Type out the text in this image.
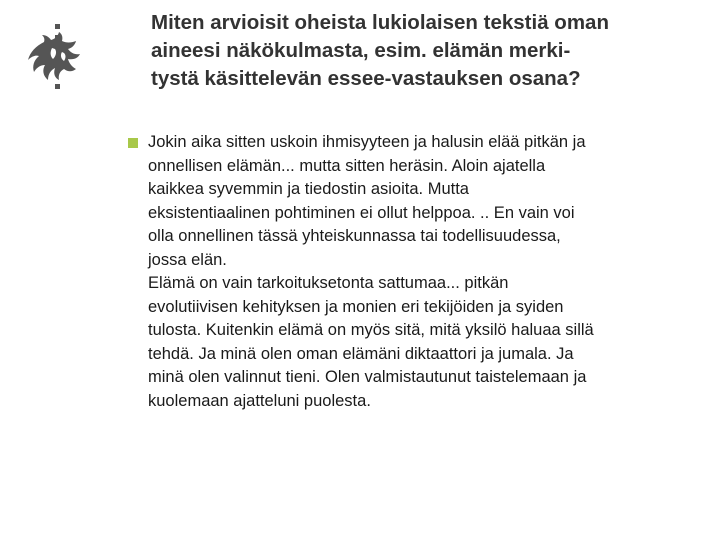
Miten arvioisit oheista lukiolaisen tekstiä oman
aineesi näkökulmasta, esim. elämän merki-
tystä käsittelevän essee-vastauksen osana?
Jokin aika sitten uskoin ihmisyyteen ja halusin elää pitkän ja
onnellisen elämän... mutta sitten heräsin. Aloin ajatella
kaikkea syvemmin ja tiedostin asioita. Mutta
eksistentiaalinen pohtiminen ei ollut helppoa. .. En vain voi
olla onnellinen tässä yhteiskunnassa tai todellisuudessa,
jossa elän.
Elämä on vain tarkoituksetonta sattumaa... pitkän
evolutiivisen kehityksen ja monien eri tekijöiden ja syiden
tulosta. Kuitenkin elämä on myös sitä, mitä yksilö haluaa sillä
tehdä. Ja minä olen oman elämäni diktaattori ja jumala. Ja
minä olen valinnut tieni. Olen valmistautunut taistelemaan ja
kuolemaan ajatteluni puolesta.
